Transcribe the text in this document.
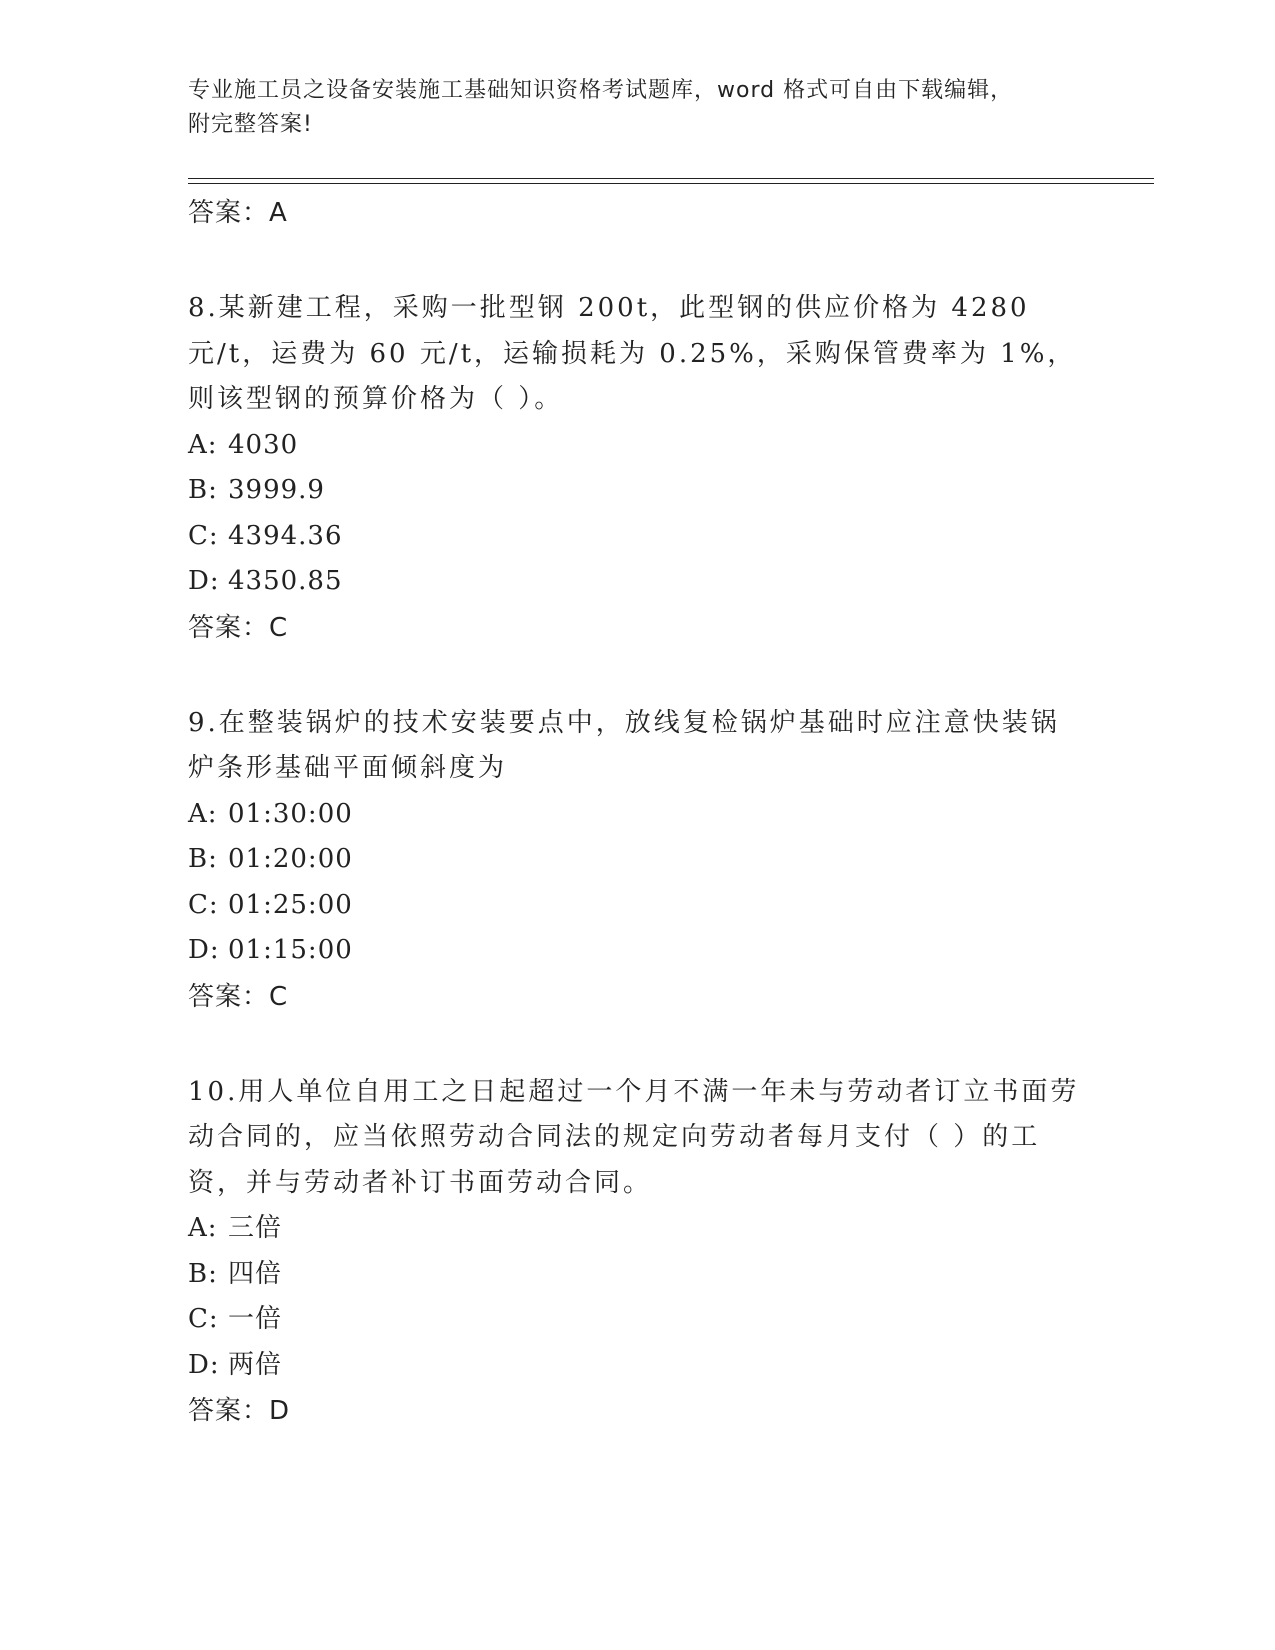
专业施工员之设备安装施工基础知识资格考试题库，word 格式可自由下载编辑，
附完整答案!
答案：A
8.某新建工程，采购一批型钢 200t，此型钢的供应价格为 4280 元/t，运费为 60 元/t，运输损耗为 0.25%，采购保管费率为 1%，则该型钢的预算价格为（ ）。
A: 4030
B: 3999.9
C: 4394.36
D: 4350.85
答案：C
9.在整装锅炉的技术安装要点中，放线复检锅炉基础时应注意快装锅炉条形基础平面倾斜度为
A: 01:30:00
B: 01:20:00
C: 01:25:00
D: 01:15:00
答案：C
10.用人单位自用工之日起超过一个月不满一年未与劳动者订立书面劳动合同的，应当依照劳动合同法的规定向劳动者每月支付（ ）的工资，并与劳动者补订书面劳动合同。
A: 三倍
B: 四倍
C: 一倍
D: 两倍
答案：D
